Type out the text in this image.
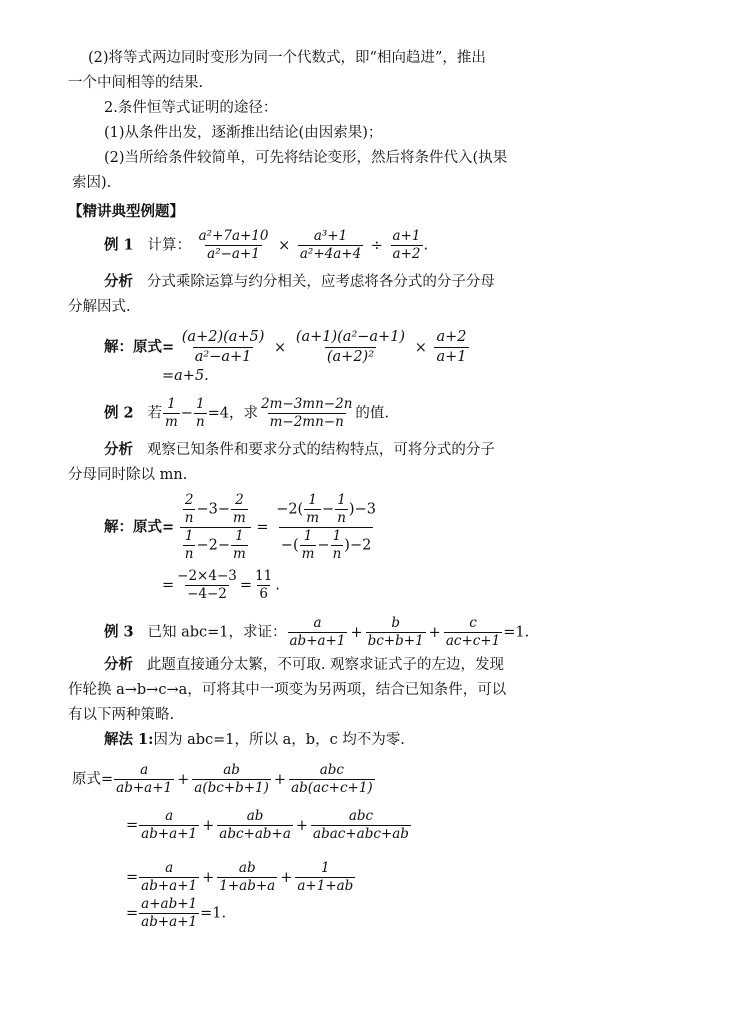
(2)将等式两边同时变形为同一个代数式，即“相向趋进”，推出
一个中间相等的结果.
2.条件恒等式证明的途径：
(1)从条件出发，逐渐推出结论(由因索果)；
(2)当所给条件较简单，可先将结论变形，然后将条件代入(执果
索因).
【精讲典型例题】
例 1 计算： $\frac{\text{a²+7a+10}}{\text{a²−a+1}} \times \frac{\text{a³+1}}{\text{a²+4a+4}} \div \frac{a+1}{a+2}$ .
分析 分式乘除运算与约分相关，应考虑将各分式的分子分母
分解因式.
解：原式= $\frac{(a+2)(a+5)}{\text{a²−a+1}} \times \frac{\text{(a+1)(a²−a+1)}}{\text{(a+2)²}} \times \frac{a+2}{a+1}$
=a+5.
例 2 若 $\frac{1}{m} - \frac{1}{n} =4$，求 $\frac{2m-3mn-2n}{m-2mn-n}$ 的值.
分析 观察已知条件和要求分式的结构特点，可将分式的分子
分母同时除以 mn.
解：原式= $\frac{\frac{2}{n} -3- \frac{2}{m}}{\frac{1}{n} -2- \frac{1}{m}} = \frac{-2( \frac{1}{m} - \frac{1}{n} )-3}{-( \frac{1}{m} - \frac{1}{n} )-2}$
= $\frac{-2\times 4-3}{-4-2} = \frac{11}{6}$ .
例 3 已知 abc=1，求证： $\frac{a}{ab+a+1} + \frac{b}{bc+b+1} + \frac{c}{ac+c+1} =1$.
分析 此题直接通分太繁，不可取. 观察求证式子的左边，发现
作轮换 a→b→c→a，可将其中一项变为另两项，结合已知条件，可以
有以下两种策略.
解法 1:因为 abc=1，所以 a，b，c 均不为零.
原式= $\frac{a}{ab+a+1} + \frac{ab}{a(bc+b+1)}$ +
abc
ab(ac+c+1)
= $\frac{a}{ab+a+1}$ +
ab
abc+ab+a
+
abc
abac+abc+ab
= $\frac{a}{ab+a+1} + \frac{ab}{1+ab+a} + \frac{1}{a+1+ab}$
= $\frac{a+ab+1}{ab+a+1} =1$.
